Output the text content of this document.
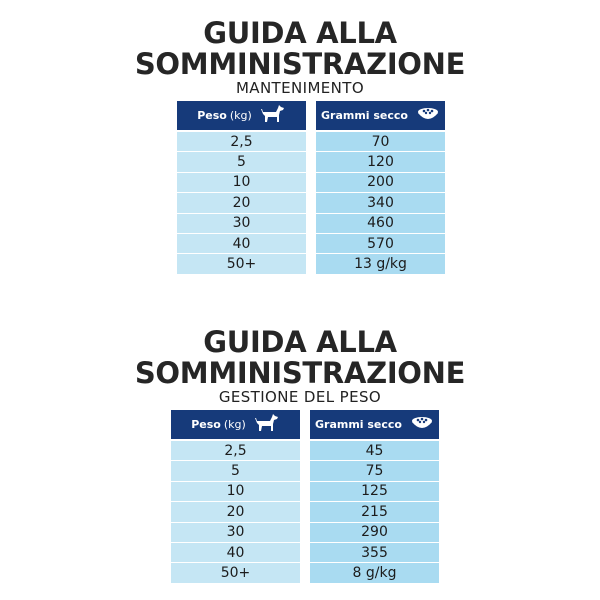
GUIDA ALLA

SOMMINISTRAZIONE

MANTENIMENTO

Peso (kg)	Grammi secco
2,5	70
5	120
10	200
20	340
30	460
40	570
50+	13 g/kg

GUIDA ALLA

SOMMINISTRAZIONE

GESTIONE DEL PESO

Peso (kg)	Grammi secco
2,5	45
5	75
10	125
20	215
30	290
40	355
50+	8 g/kg
